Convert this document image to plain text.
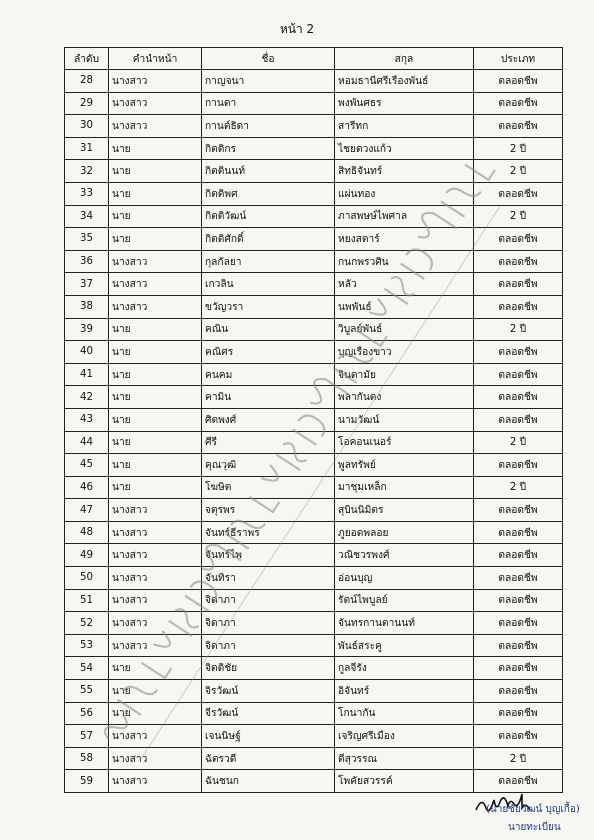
หน้า 2
ลำดับ	คำนำหน้า	ชื่อ	สกุล	ประเภท
28	นางสาว	กาญจนา	หอมธานีศรีเรืองพันธ์	ตลอดชีพ
29	นางสาว	กานดา	พงพันศธร	ตลอดชีพ
30	นางสาว	กานต์ธิดา	สารีทก	ตลอดชีพ
31	นาย	กิตติกร	ไชยดวงแก้ว	2 ปี
32	นาย	กิตตินนท์	สิทธิจันทร์	2 ปี
33	นาย	กิตติพศ	แผ่นทอง	ตลอดชีพ
34	นาย	กิตติวัฒน์	ภาสพษษ์ไพศาล	2 ปี
35	นาย	กิตติศักดิ์	หยงสตาร์	ตลอดชีพ
36	นางสาว	กุลกัลยา	กนกพรวศิน	ตลอดชีพ
37	นางสาว	เกวลิน	หลัว	ตลอดชีพ
38	นางสาว	ขวัญวรา	นพพันธ์	ตลอดชีพ
39	นาย	คณิน	วิบูลย์พันธ์	2 ปี
40	นาย	คณิศร	บุญเรืองขาว	ตลอดชีพ
41	นาย	คนคม	จินดามัย	ตลอดชีพ
42	นาย	คามิน	พลากันตง	ตลอดชีพ
43	นาย	ศิตพงศ์	นามวัฒน์	ตลอดชีพ
44	นาย	ศีรี	โอคอนเนอร์	2 ปี
45	นาย	คุณวุฒิ	พูลทรัพย์	ตลอดชีพ
46	นาย	โฆษิต	มาชุมเหล็ก	2 ปี
47	นางสาว	จตุรพร	สุบินนิมิตร	ตลอดชีพ
48	นางสาว	จันทร์ธีราพร	ภูยอดพลอย	ตลอดชีพ
49	นางสาว	จันทร์ไพ	วณิชวรพงศ์	ตลอดชีพ
50	นางสาว	จันทิรา	อ่อนบุญ	ตลอดชีพ
51	นางสาว	จิดาภา	รัตน์ไพบูลย์	ตลอดชีพ
52	นางสาว	จิดาภา	จันทรกานตานนท์	ตลอดชีพ
53	นางสาว	จิดาภา	พันธ์สระคู	ตลอดชีพ
54	นาย	จิตติชัย	กูลจีรัง	ตลอดชีพ
55	นาย	จิรวัฒน์	อิจันทร์	ตลอดชีพ
56	นาย	จีรวัฒน์	โกนากัน	ตลอดชีพ
57	นางสาว	เจนนิษฐ์	เจริญศรีเมือง	ตลอดชีพ
58	นางสาว	ฉัตรวดี	ตีสุวรรณ	2 ปี
59	นางสาว	ฉันชนก	โพคัยสวรรค์	ตลอดชีพ
(นายชัยวัฒน์ บุญเกื้อ)
นายทะเบียน
